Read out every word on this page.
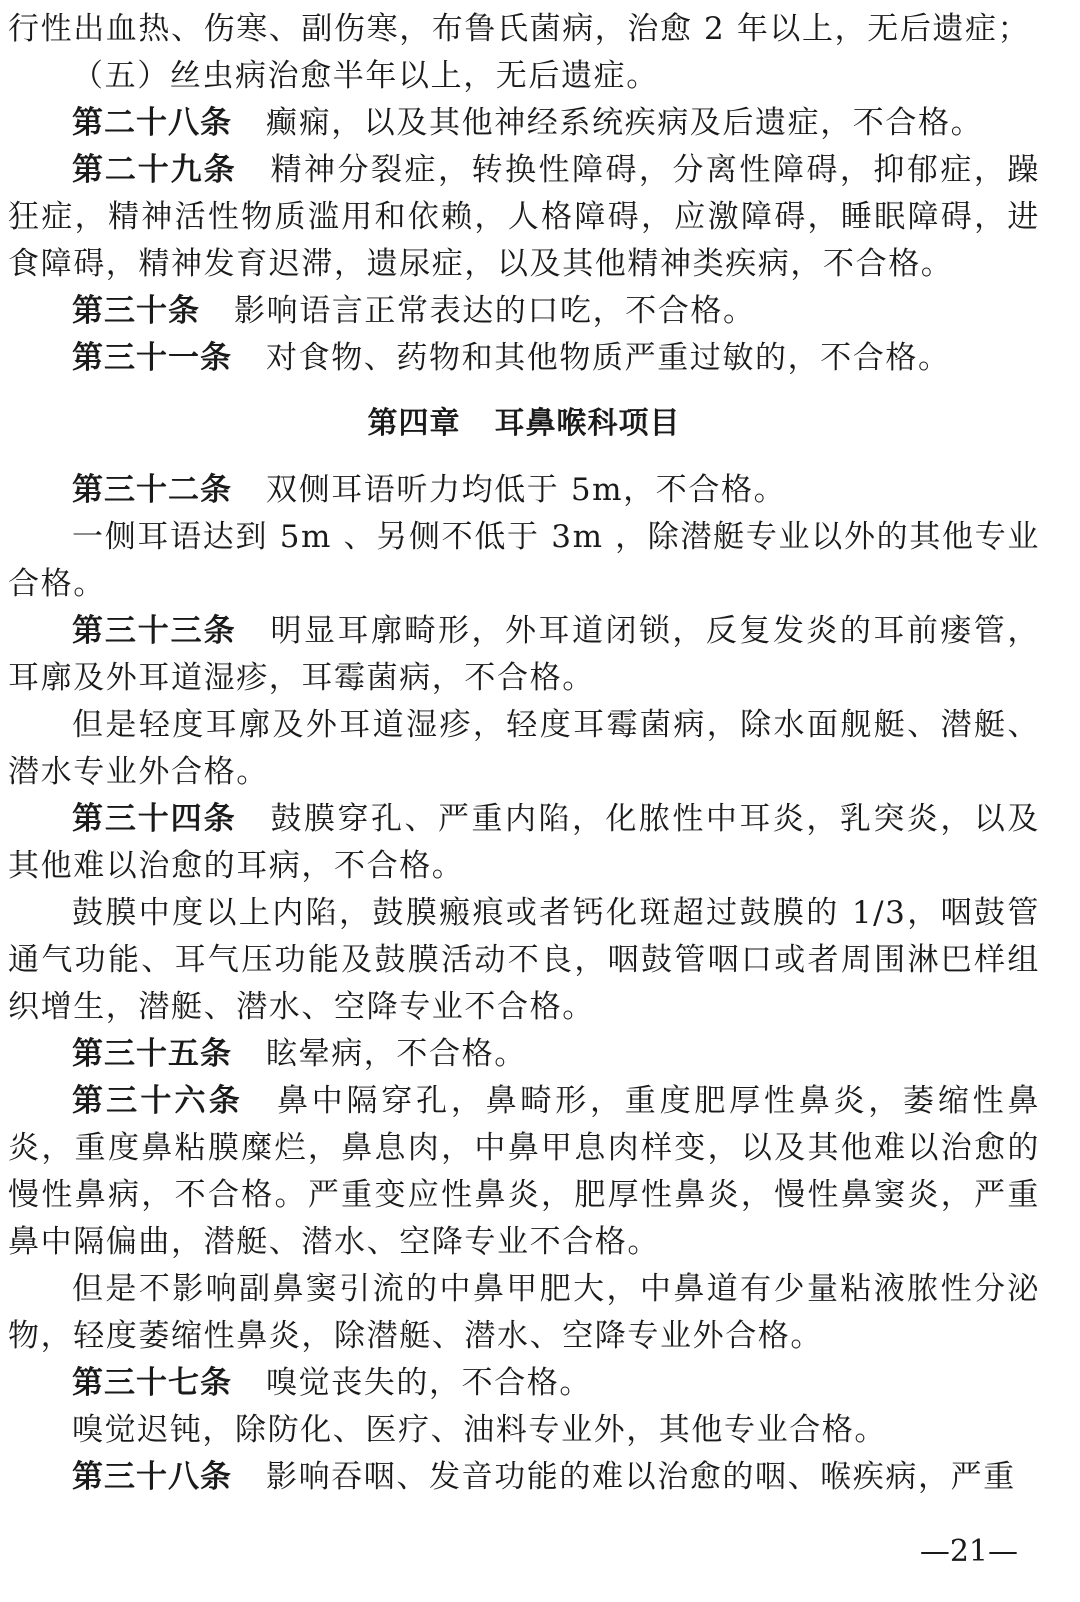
行性出血热、伤寒、副伤寒，布鲁氏菌病，治愈 2 年以上，无后遗症；

（五）丝虫病治愈半年以上，无后遗症。

第二十八条 癫痫，以及其他神经系统疾病及后遗症，不合格。

第二十九条 精神分裂症，转换性障碍，分离性障碍，抑郁症，躁狂症，精神活性物质滥用和依赖，人格障碍，应激障碍，睡眠障碍，进食障碍，精神发育迟滞，遗尿症，以及其他精神类疾病，不合格。

第三十条 影响语言正常表达的口吃，不合格。

第三十一条 对食物、药物和其他物质严重过敏的，不合格。

第四章 耳鼻喉科项目

第三十二条 双侧耳语听力均低于 5m，不合格。

一侧耳语达到 5m 、另侧不低于 3m ，除潜艇专业以外的其他专业合格。

第三十三条 明显耳廓畸形，外耳道闭锁，反复发炎的耳前瘘管，耳廓及外耳道湿疹，耳霉菌病，不合格。

但是轻度耳廓及外耳道湿疹，轻度耳霉菌病，除水面舰艇、潜艇、潜水专业外合格。

第三十四条 鼓膜穿孔、严重内陷，化脓性中耳炎，乳突炎，以及其他难以治愈的耳病，不合格。

鼓膜中度以上内陷，鼓膜瘢痕或者钙化斑超过鼓膜的 1/3，咽鼓管通气功能、耳气压功能及鼓膜活动不良，咽鼓管咽口或者周围淋巴样组织增生，潜艇、潜水、空降专业不合格。

第三十五条 眩晕病，不合格。

第三十六条 鼻中隔穿孔，鼻畸形，重度肥厚性鼻炎，萎缩性鼻炎，重度鼻粘膜糜烂，鼻息肉，中鼻甲息肉样变，以及其他难以治愈的慢性鼻病，不合格。严重变应性鼻炎，肥厚性鼻炎，慢性鼻窦炎，严重鼻中隔偏曲，潜艇、潜水、空降专业不合格。

但是不影响副鼻窦引流的中鼻甲肥大，中鼻道有少量粘液脓性分泌物，轻度萎缩性鼻炎，除潜艇、潜水、空降专业外合格。

第三十七条 嗅觉丧失的，不合格。

嗅觉迟钝，除防化、医疗、油料专业外，其他专业合格。

第三十八条 影响吞咽、发音功能的难以治愈的咽、喉疾病，严重

—21—
